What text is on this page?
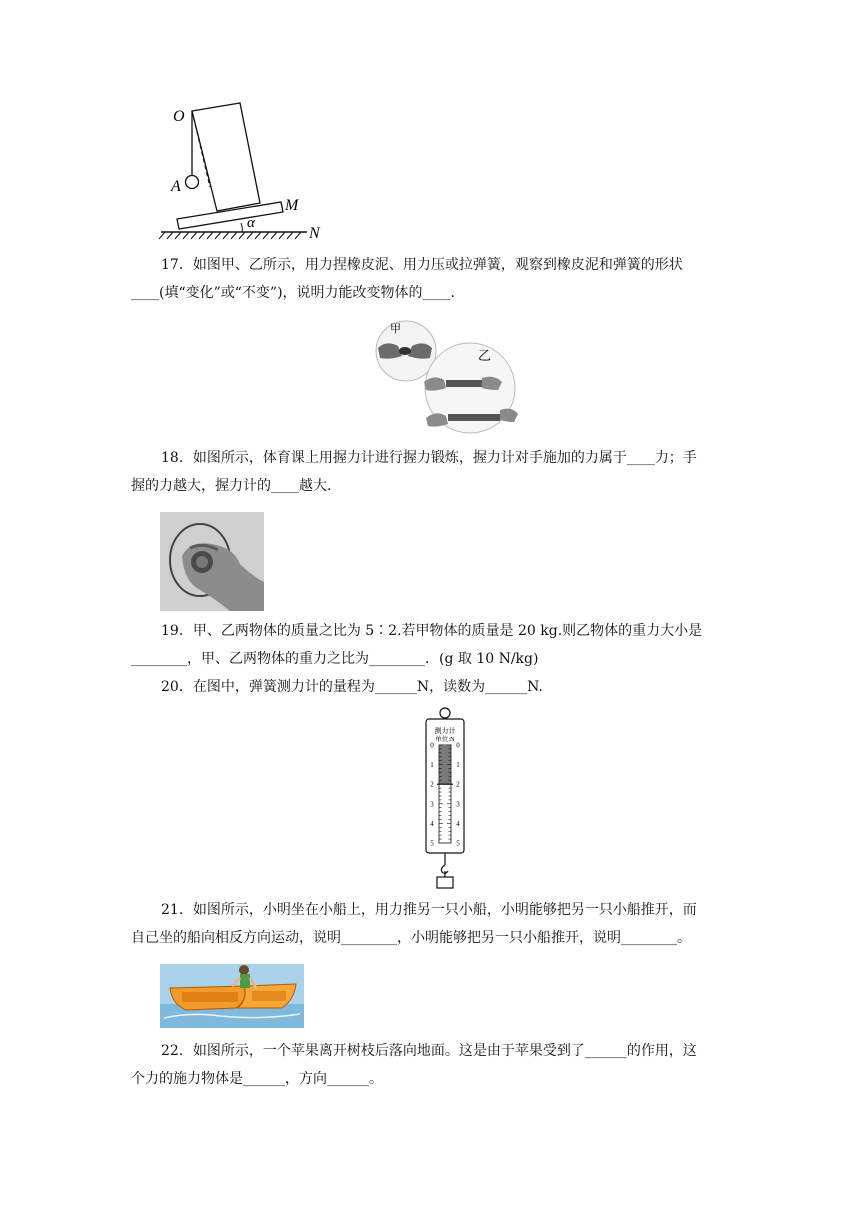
O
A
M
N
α
17．如图甲、乙所示，用力捏橡皮泥、用力压或拉弹簧，观察到橡皮泥和弹簧的形状
____(填“变化”或“不变”)，说明力能改变物体的____.
甲
乙
18．如图所示，体育课上用握力计进行握力锻炼，握力计对手施加的力属于____力；手
握的力越大，握力计的____越大.
19．甲、乙两物体的质量之比为 5∶2.若甲物体的质量是 20 kg.则乙物体的重力大小是
________，甲、乙两物体的重力之比为________．(g 取 10 N/kg)
20．在图中，弹簧测力计的量程为______N，读数为______N.
测力计
单位:N
0	0
1	1
2	2
3	3
4	4
5	5
21．如图所示，小明坐在小船上，用力推另一只小船，小明能够把另一只小船推开，而
自己坐的船向相反方向运动，说明________，小明能够把另一只小船推开，说明________。
22．如图所示，一个苹果离开树枝后落向地面。这是由于苹果受到了______的作用，这
个力的施力物体是______，方向______。
